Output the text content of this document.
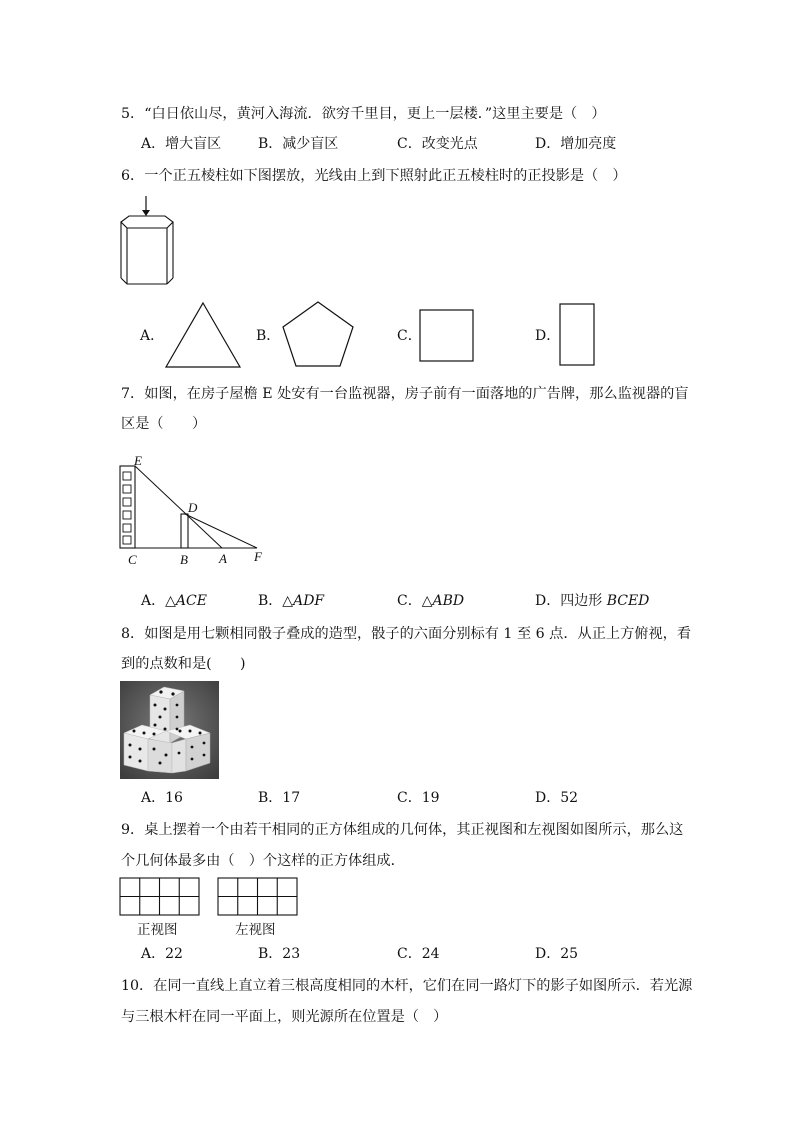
5．“白日依山尽，黄河入海流．欲穷千里目，更上一层楼．”这里主要是（　）
A．增大盲区	B．减少盲区	C．改变光点	D．增加亮度
6．一个正五棱柱如下图摆放，光线由上到下照射此正五棱柱时的正投影是（　）
A．	B．	C．	D．
7．如图，在房子屋檐 E 处安有一台监视器，房子前有一面落地的广告牌，那么监视器的盲
区是（　　）
E
D
C	B A F
A．△ACE	B．△ADF	C．△ABD	D．四边形 BCED
8．如图是用七颗相同骰子叠成的造型，骰子的六面分别标有 1 至 6 点．从正上方俯视，看
到的点数和是(　　)
A．16	B．17	C．19	D．52
9．桌上摆着一个由若干相同的正方体组成的几何体，其正视图和左视图如图所示，那么这
个几何体最多由（　）个这样的正方体组成．
正视图	左视图
A．22	B．23	C．24	D．25
10．在同一直线上直立着三根高度相同的木杆，它们在同一路灯下的影子如图所示．若光源
与三根木杆在同一平面上，则光源所在位置是（　）
